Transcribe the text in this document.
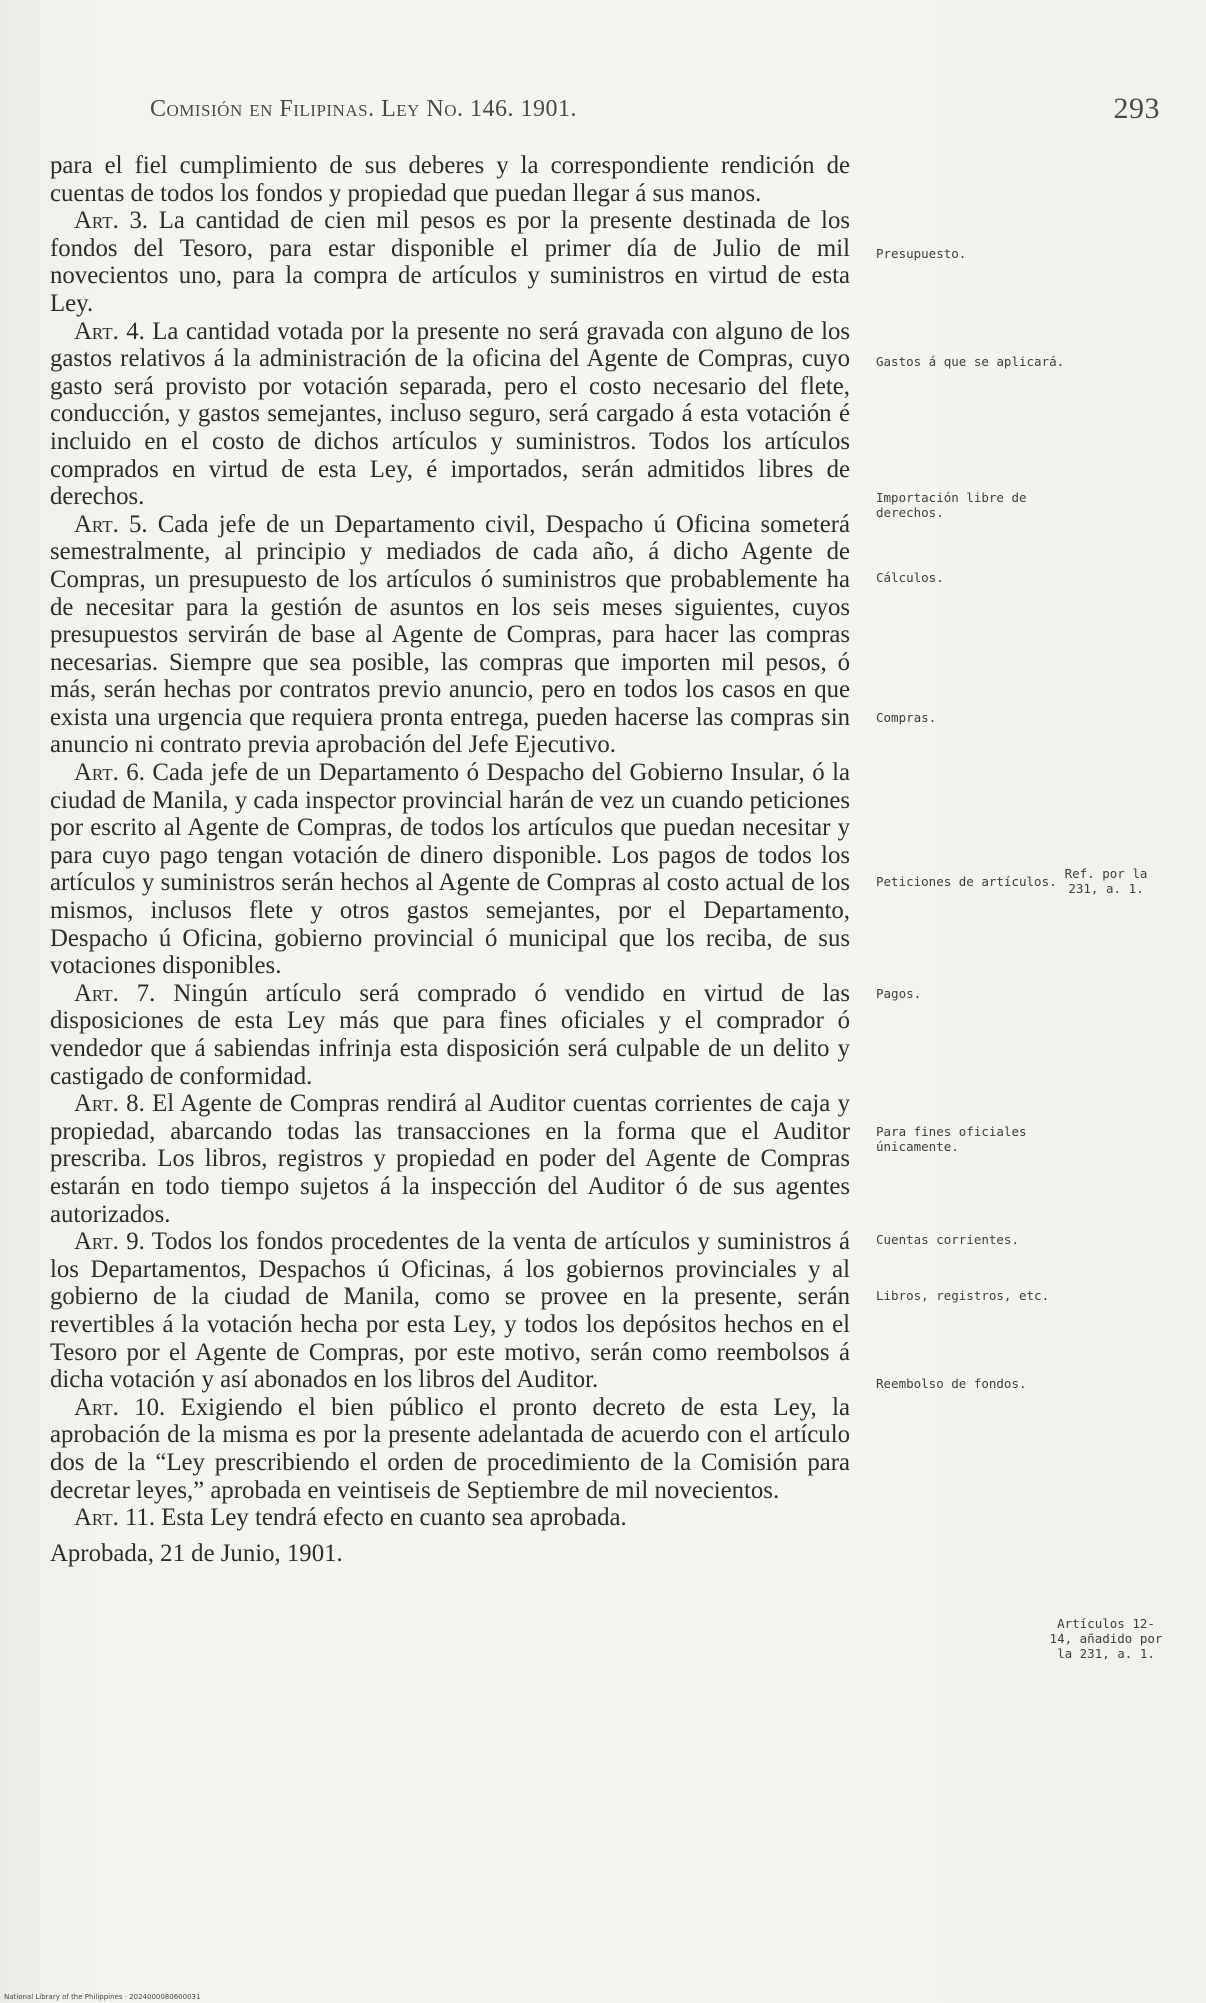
Comisión en Filipinas. Ley No. 146. 1901.	293

para el fiel cumplimiento de sus deberes y la correspondiente rendición de cuentas de todos los fondos y propiedad que puedan llegar á sus manos.

Art. 3. La cantidad de cien mil pesos es por la presente destinada de los fondos del Tesoro, para estar disponible el primer día de Julio de mil novecientos uno, para la compra de artículos y suministros en virtud de esta Ley.

Art. 4. La cantidad votada por la presente no será gravada con alguno de los gastos relativos á la administración de la oficina del Agente de Compras, cuyo gasto será provisto por votación separada, pero el costo necesario del flete, conducción, y gastos semejantes, incluso seguro, será cargado á esta votación é incluido en el costo de dichos artículos y suministros. Todos los artículos comprados en virtud de esta Ley, é importados, serán admitidos libres de derechos.

Art. 5. Cada jefe de un Departamento civil, Despacho ú Oficina someterá semestralmente, al principio y mediados de cada año, á dicho Agente de Compras, un presupuesto de los artículos ó suministros que probablemente ha de necesitar para la gestión de asuntos en los seis meses siguientes, cuyos presupuestos servirán de base al Agente de Compras, para hacer las compras necesarias. Siempre que sea posible, las compras que importen mil pesos, ó más, serán hechas por contratos previo anuncio, pero en todos los casos en que exista una urgencia que requiera pronta entrega, pueden hacerse las compras sin anuncio ni contrato previa aprobación del Jefe Ejecutivo.

Art. 6. Cada jefe de un Departamento ó Despacho del Gobierno Insular, ó la ciudad de Manila, y cada inspector provincial harán de vez un cuando peticiones por escrito al Agente de Compras, de todos los artículos que puedan necesitar y para cuyo pago tengan votación de dinero disponible. Los pagos de todos los artículos y suministros serán hechos al Agente de Compras al costo actual de los mismos, inclusos flete y otros gastos semejantes, por el Departamento, Despacho ú Oficina, gobierno provincial ó municipal que los reciba, de sus votaciones disponibles.

Art. 7. Ningún artículo será comprado ó vendido en virtud de las disposiciones de esta Ley más que para fines oficiales y el comprador ó vendedor que á sabiendas infrinja esta disposición será culpable de un delito y castigado de conformidad.

Art. 8. El Agente de Compras rendirá al Auditor cuentas corrientes de caja y propiedad, abarcando todas las transacciones en la forma que el Auditor prescriba. Los libros, registros y propiedad en poder del Agente de Compras estarán en todo tiempo sujetos á la inspección del Auditor ó de sus agentes autorizados.

Art. 9. Todos los fondos procedentes de la venta de artículos y suministros á los Departamentos, Despachos ú Oficinas, á los gobiernos provinciales y al gobierno de la ciudad de Manila, como se provee en la presente, serán revertibles á la votación hecha por esta Ley, y todos los depósitos hechos en el Tesoro por el Agente de Compras, por este motivo, serán como reembolsos á dicha votación y así abonados en los libros del Auditor.

Art. 10. Exigiendo el bien público el pronto decreto de esta Ley, la aprobación de la misma es por la presente adelantada de acuerdo con el artículo dos de la “Ley prescribiendo el orden de procedimiento de la Comisión para decretar leyes,” aprobada en veintiseis de Septiembre de mil novecientos.

Art. 11. Esta Ley tendrá efecto en cuanto sea aprobada.

Aprobada, 21 de Junio, 1901.

Presupuesto.
Gastos á que se aplicará.
Importación libre de derechos.
Cálculos.
Compras.
Peticiones de artículos.
Pagos.
Para fines oficiales únicamente.
Cuentas corrientes.
Libros, registros, etc.
Reembolso de fondos.
Ref. por la 231, a. 1.
Artículos 12-14, añadido por la 231, a. 1.
National Library of the Philippines · 2024000080600031
